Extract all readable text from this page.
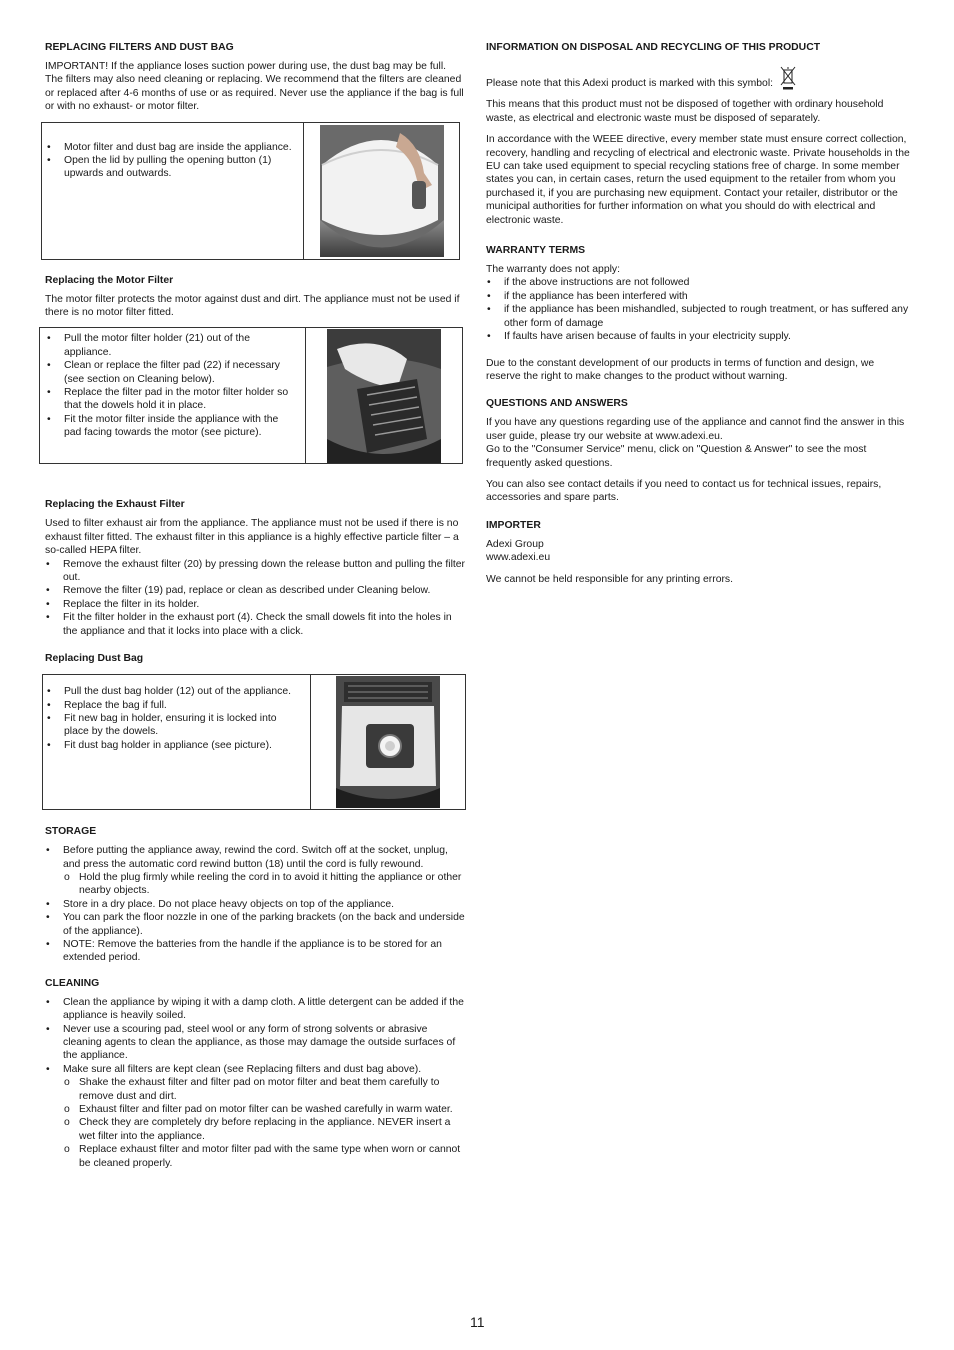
REPLACING FILTERS AND DUST BAG

IMPORTANT! If the appliance loses suction power during use, the dust bag may be full. The filters may also need cleaning or replacing. We recommend that the filters are cleaned or replaced after 4-6 months of use or as required. Never use the appliance if the bag is full or with no exhaust- or motor filter.

• Motor filter and dust bag are inside the appliance.
• Open the lid by pulling the opening button (1) upwards and outwards.
Replacing the Motor Filter

The motor filter protects the motor against dust and dirt. The appliance must not be used if there is no motor filter fitted.

• Pull the motor filter holder (21) out of the appliance.
• Clean or replace the filter pad (22) if necessary (see section on Cleaning below).
• Replace the filter pad in the motor filter holder so that the dowels hold it in place.
• Fit the motor filter inside the appliance with the pad facing towards the motor (see picture).
Replacing the Exhaust Filter

Used to filter exhaust air from the appliance. The appliance must not be used if there is no exhaust filter fitted. The exhaust filter in this appliance is a highly effective particle filter – a so-called HEPA filter.

• Remove the exhaust filter (20) by pressing down the release button and pulling the filter out.
• Remove the filter (19) pad, replace or clean as described under Cleaning below.
• Replace the filter in its holder.
• Fit the filter holder in the exhaust port (4). Check the small dowels fit into the holes in the appliance and that it locks into place with a click.
Replacing Dust Bag
• Pull the dust bag holder (12) out of the appliance.
• Replace the bag if full.
• Fit new bag in holder, ensuring it is locked into place by the dowels.
• Fit dust bag holder in appliance (see picture).
STORAGE
• Before putting the appliance away, rewind the cord. Switch off at the socket, unplug, and press the automatic cord rewind button (18) until the cord is fully rewound.
o Hold the plug firmly while reeling the cord in to avoid it hitting the appliance or other nearby objects.
• Store in a dry place. Do not place heavy objects on top of the appliance.
• You can park the floor nozzle in one of the parking brackets (on the back and underside of the appliance).
• NOTE: Remove the batteries from the handle if the appliance is to be stored for an extended period.
CLEANING
• Clean the appliance by wiping it with a damp cloth. A little detergent can be added if the appliance is heavily soiled.
• Never use a scouring pad, steel wool or any form of strong solvents or abrasive cleaning agents to clean the appliance, as those may damage the outside surfaces of the appliance.
• Make sure all filters are kept clean (see Replacing filters and dust bag above).
o Shake the exhaust filter and filter pad on motor filter and beat them carefully to remove dust and dirt.
o Exhaust filter and filter pad on motor filter can be washed carefully in warm water.
o Check they are completely dry before replacing in the appliance. NEVER insert a wet filter into the appliance.
o Replace exhaust filter and motor filter pad with the same type when worn or cannot be cleaned properly.
INFORMATION ON DISPOSAL AND RECYCLING OF THIS PRODUCT

Please note that this Adexi product is marked with this symbol:

This means that this product must not be disposed of together with ordinary household waste, as electrical and electronic waste must be disposed of separately.

In accordance with the WEEE directive, every member state must ensure correct collection, recovery, handling and recycling of electrical and electronic waste. Private households in the EU can take used equipment to special recycling stations free of charge. In some member states you can, in certain cases, return the used equipment to the retailer from whom you purchased it, if you are purchasing new equipment. Contact your retailer, distributor or the municipal authorities for further information on what you should do with electrical and electronic waste.

WARRANTY TERMS

The warranty does not apply:

• if the above instructions are not followed
• if the appliance has been interfered with
• if the appliance has been mishandled, subjected to rough treatment, or has suffered any other form of damage
• If faults have arisen because of faults in your electricity supply.

Due to the constant development of our products in terms of function and design, we reserve the right to make changes to the product without warning.

QUESTIONS AND ANSWERS

If you have any questions regarding use of the appliance and cannot find the answer in this user guide, please try our website at www.adexi.eu.

Go to the "Consumer Service" menu, click on "Question & Answer" to see the most frequently asked questions.

You can also see contact details if you need to contact us for technical issues, repairs, accessories and spare parts.

IMPORTER

Adexi Group

www.adexi.eu

We cannot be held responsible for any printing errors.

11
